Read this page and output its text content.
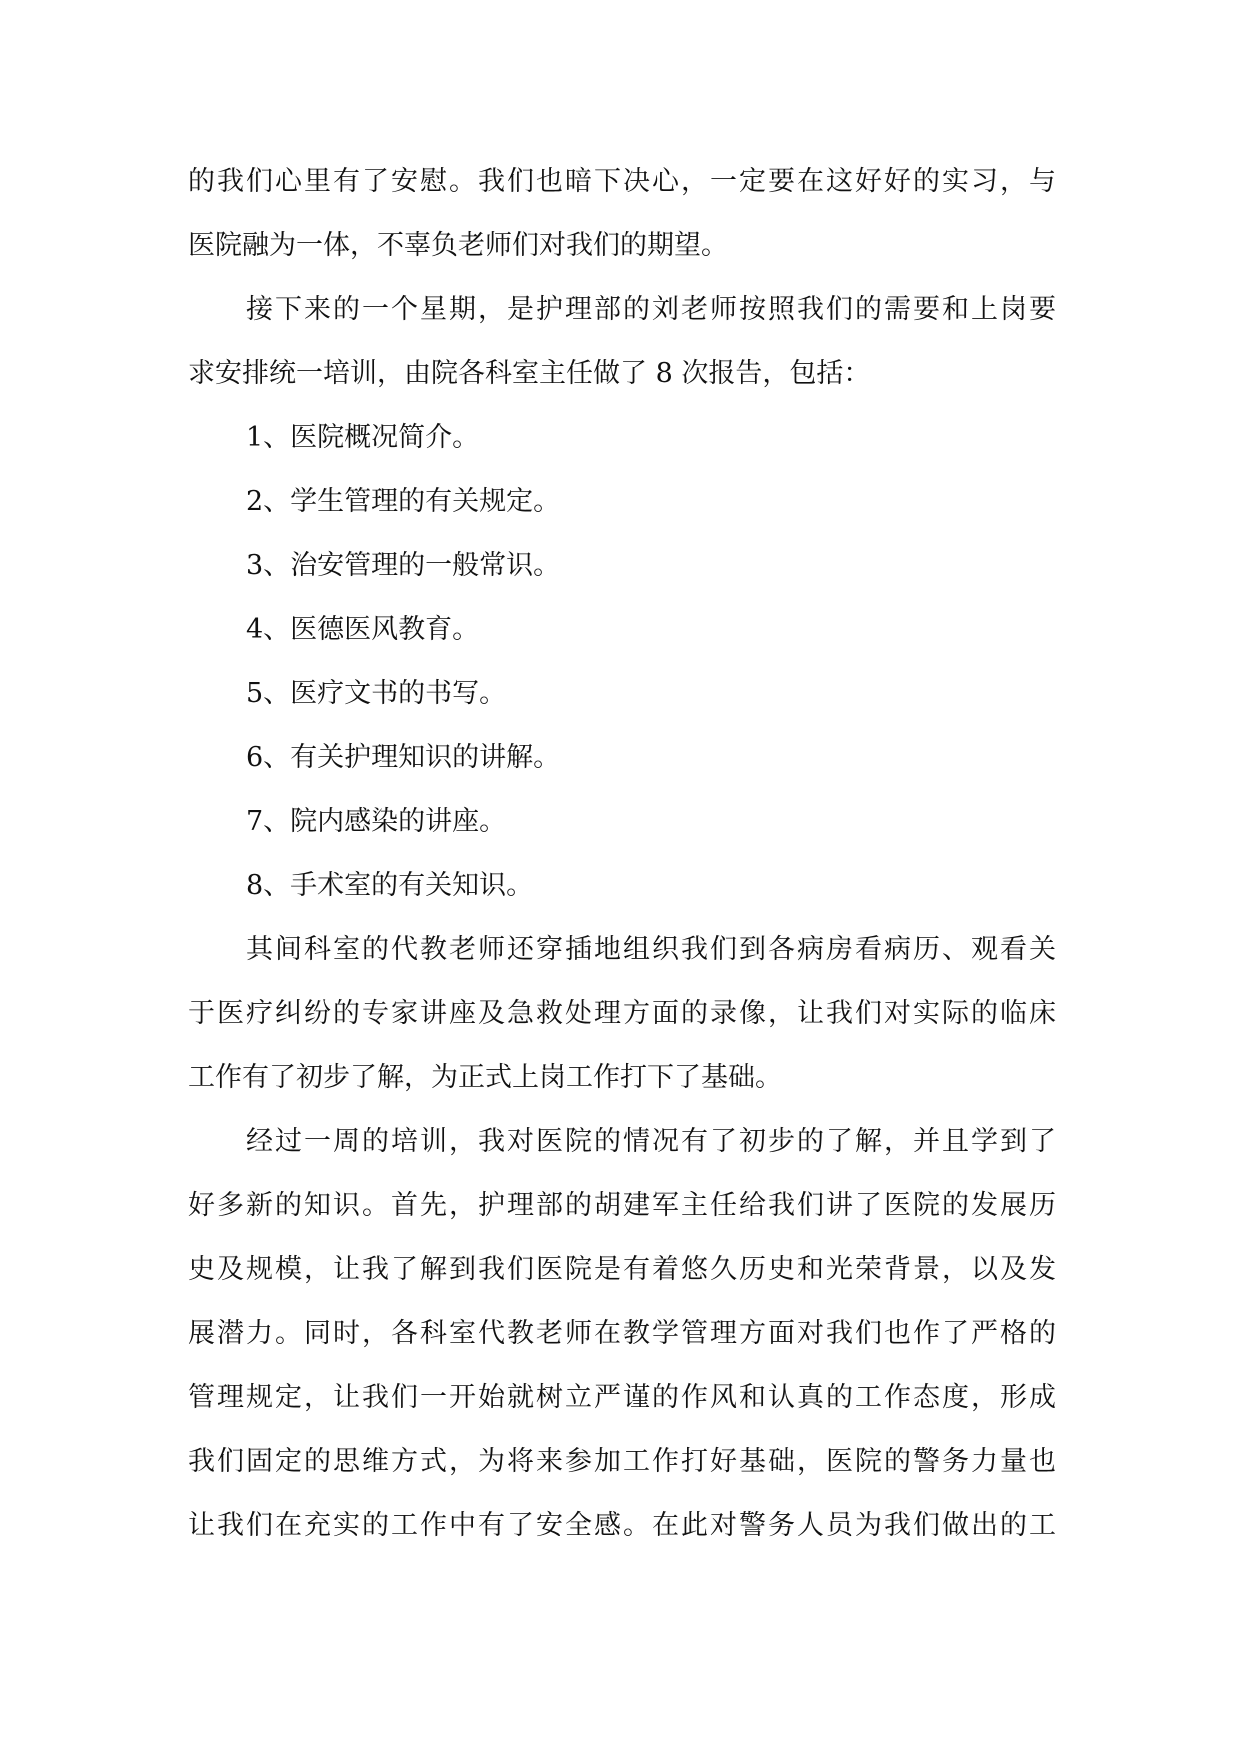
的我们心里有了安慰。我们也暗下决心，一定要在这好好的实习，与
医院融为一体，不辜负老师们对我们的期望。
接下来的一个星期，是护理部的刘老师按照我们的需要和上岗要
求安排统一培训，由院各科室主任做了 8 次报告，包括：
1、医院概况简介。
2、学生管理的有关规定。
3、治安管理的一般常识。
4、医德医风教育。
5、医疗文书的书写。
6、有关护理知识的讲解。
7、院内感染的讲座。
8、手术室的有关知识。
其间科室的代教老师还穿插地组织我们到各病房看病历、观看关
于医疗纠纷的专家讲座及急救处理方面的录像，让我们对实际的临床
工作有了初步了解，为正式上岗工作打下了基础。
经过一周的培训，我对医院的情况有了初步的了解，并且学到了
好多新的知识。首先，护理部的胡建军主任给我们讲了医院的发展历
史及规模，让我了解到我们医院是有着悠久历史和光荣背景，以及发
展潜力。同时，各科室代教老师在教学管理方面对我们也作了严格的
管理规定，让我们一开始就树立严谨的作风和认真的工作态度，形成
我们固定的思维方式，为将来参加工作打好基础，医院的警务力量也
让我们在充实的工作中有了安全感。在此对警务人员为我们做出的工
